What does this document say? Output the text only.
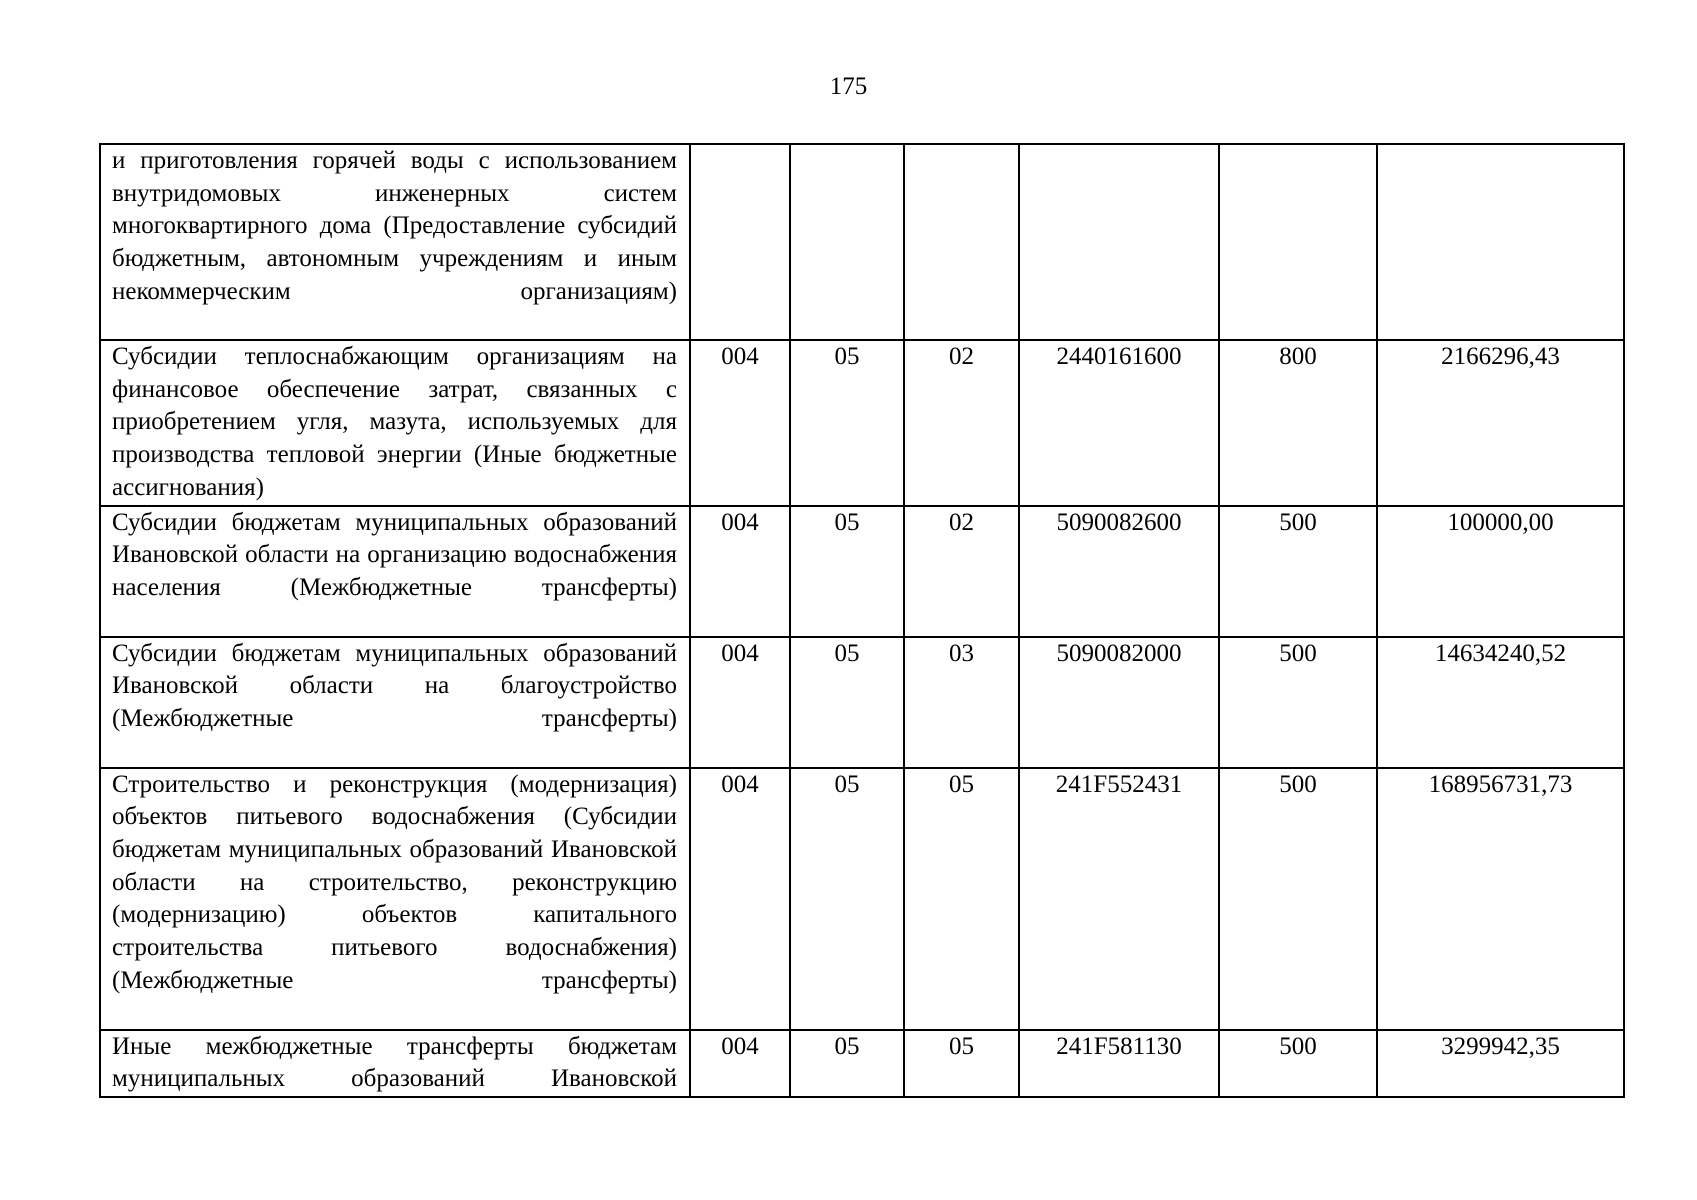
175
и приготовления горячей воды с использованием внутридомовых инженерных систем многоквартирного дома (Предоставление субсидий бюджетным, автономным учреждениям и иным некоммерческим организациям)						

Субсидии теплоснабжающим организациям на финансовое обеспечение затрат, связанных с приобретением угля, мазута, используемых для производства тепловой энергии (Иные бюджетные ассигнования)	004	05	02	2440161600	800	2166296,43

Субсидии бюджетам муниципальных образований Ивановской области на организацию водоснабжения населения (Межбюджетные трансферты)	004	05	02	5090082600	500	100000,00

Субсидии бюджетам муниципальных образований Ивановской области на благоустройство (Межбюджетные трансферты)	004	05	03	5090082000	500	14634240,52

Строительство и реконструкция (модернизация) объектов питьевого водоснабжения (Субсидии бюджетам муниципальных образований Ивановской области на строительство, реконструкцию (модернизацию) объектов капитального строительства питьевого водоснабжения) (Межбюджетные трансферты)	004	05	05	241F552431	500	168956731,73

Иные межбюджетные трансферты бюджетам муниципальных образований Ивановской	004	05	05	241F581130	500	3299942,35
